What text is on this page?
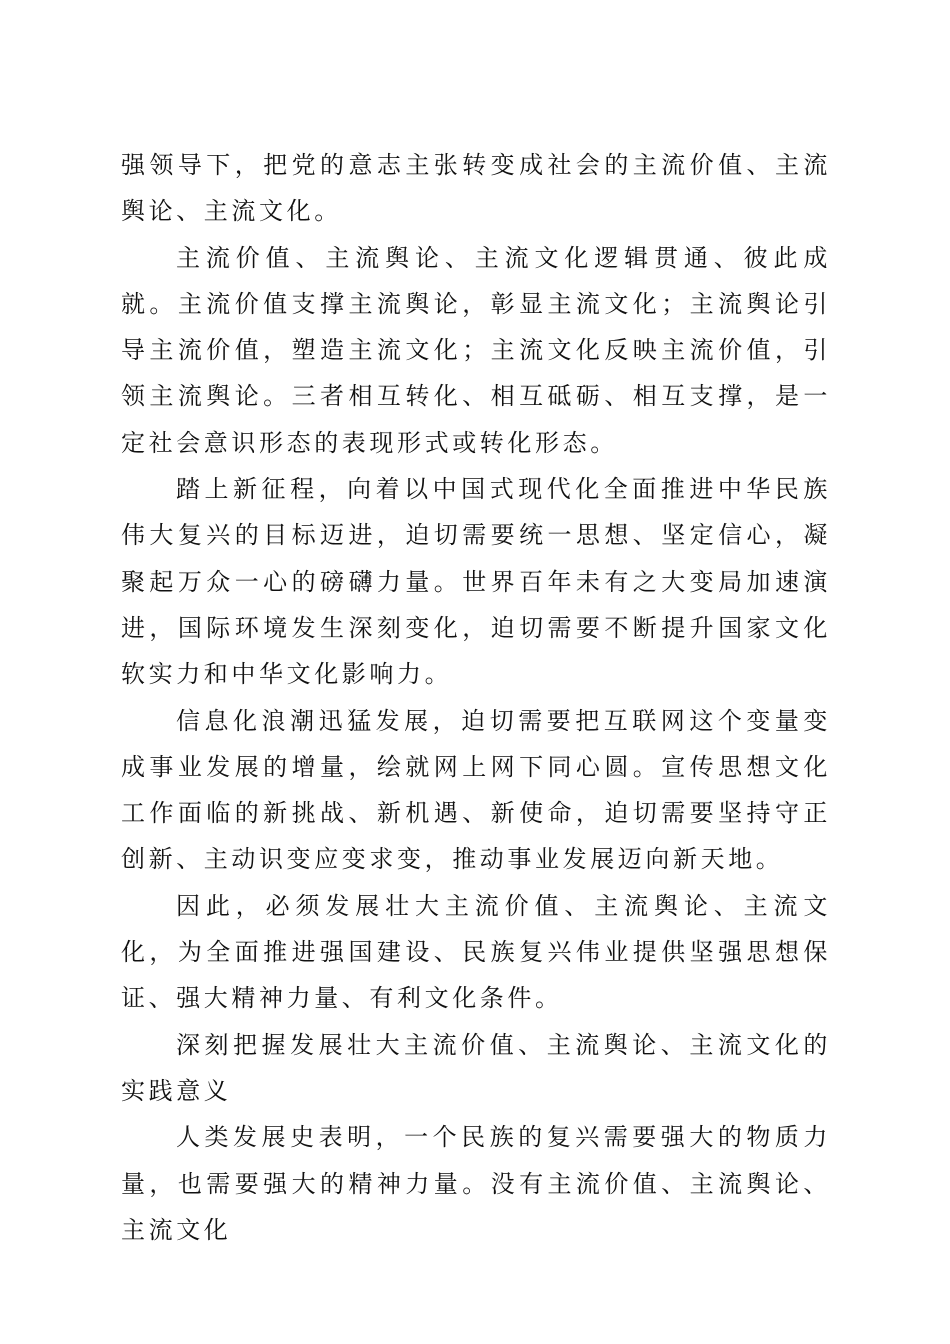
强领导下，把党的意志主张转变成社会的主流价值、主流舆论、主流文化。

主流价值、主流舆论、主流文化逻辑贯通、彼此成就。主流价值支撑主流舆论，彰显主流文化；主流舆论引导主流价值，塑造主流文化；主流文化反映主流价值，引领主流舆论。三者相互转化、相互砥砺、相互支撑，是一定社会意识形态的表现形式或转化形态。

踏上新征程，向着以中国式现代化全面推进中华民族伟大复兴的目标迈进，迫切需要统一思想、坚定信心，凝聚起万众一心的磅礴力量。世界百年未有之大变局加速演进，国际环境发生深刻变化，迫切需要不断提升国家文化软实力和中华文化影响力。

信息化浪潮迅猛发展，迫切需要把互联网这个变量变成事业发展的增量，绘就网上网下同心圆。宣传思想文化工作面临的新挑战、新机遇、新使命，迫切需要坚持守正创新、主动识变应变求变，推动事业发展迈向新天地。

因此，必须发展壮大主流价值、主流舆论、主流文化，为全面推进强国建设、民族复兴伟业提供坚强思想保证、强大精神力量、有利文化条件。

深刻把握发展壮大主流价值、主流舆论、主流文化的实践意义

人类发展史表明，一个民族的复兴需要强大的物质力量，也需要强大的精神力量。没有主流价值、主流舆论、主流文化
